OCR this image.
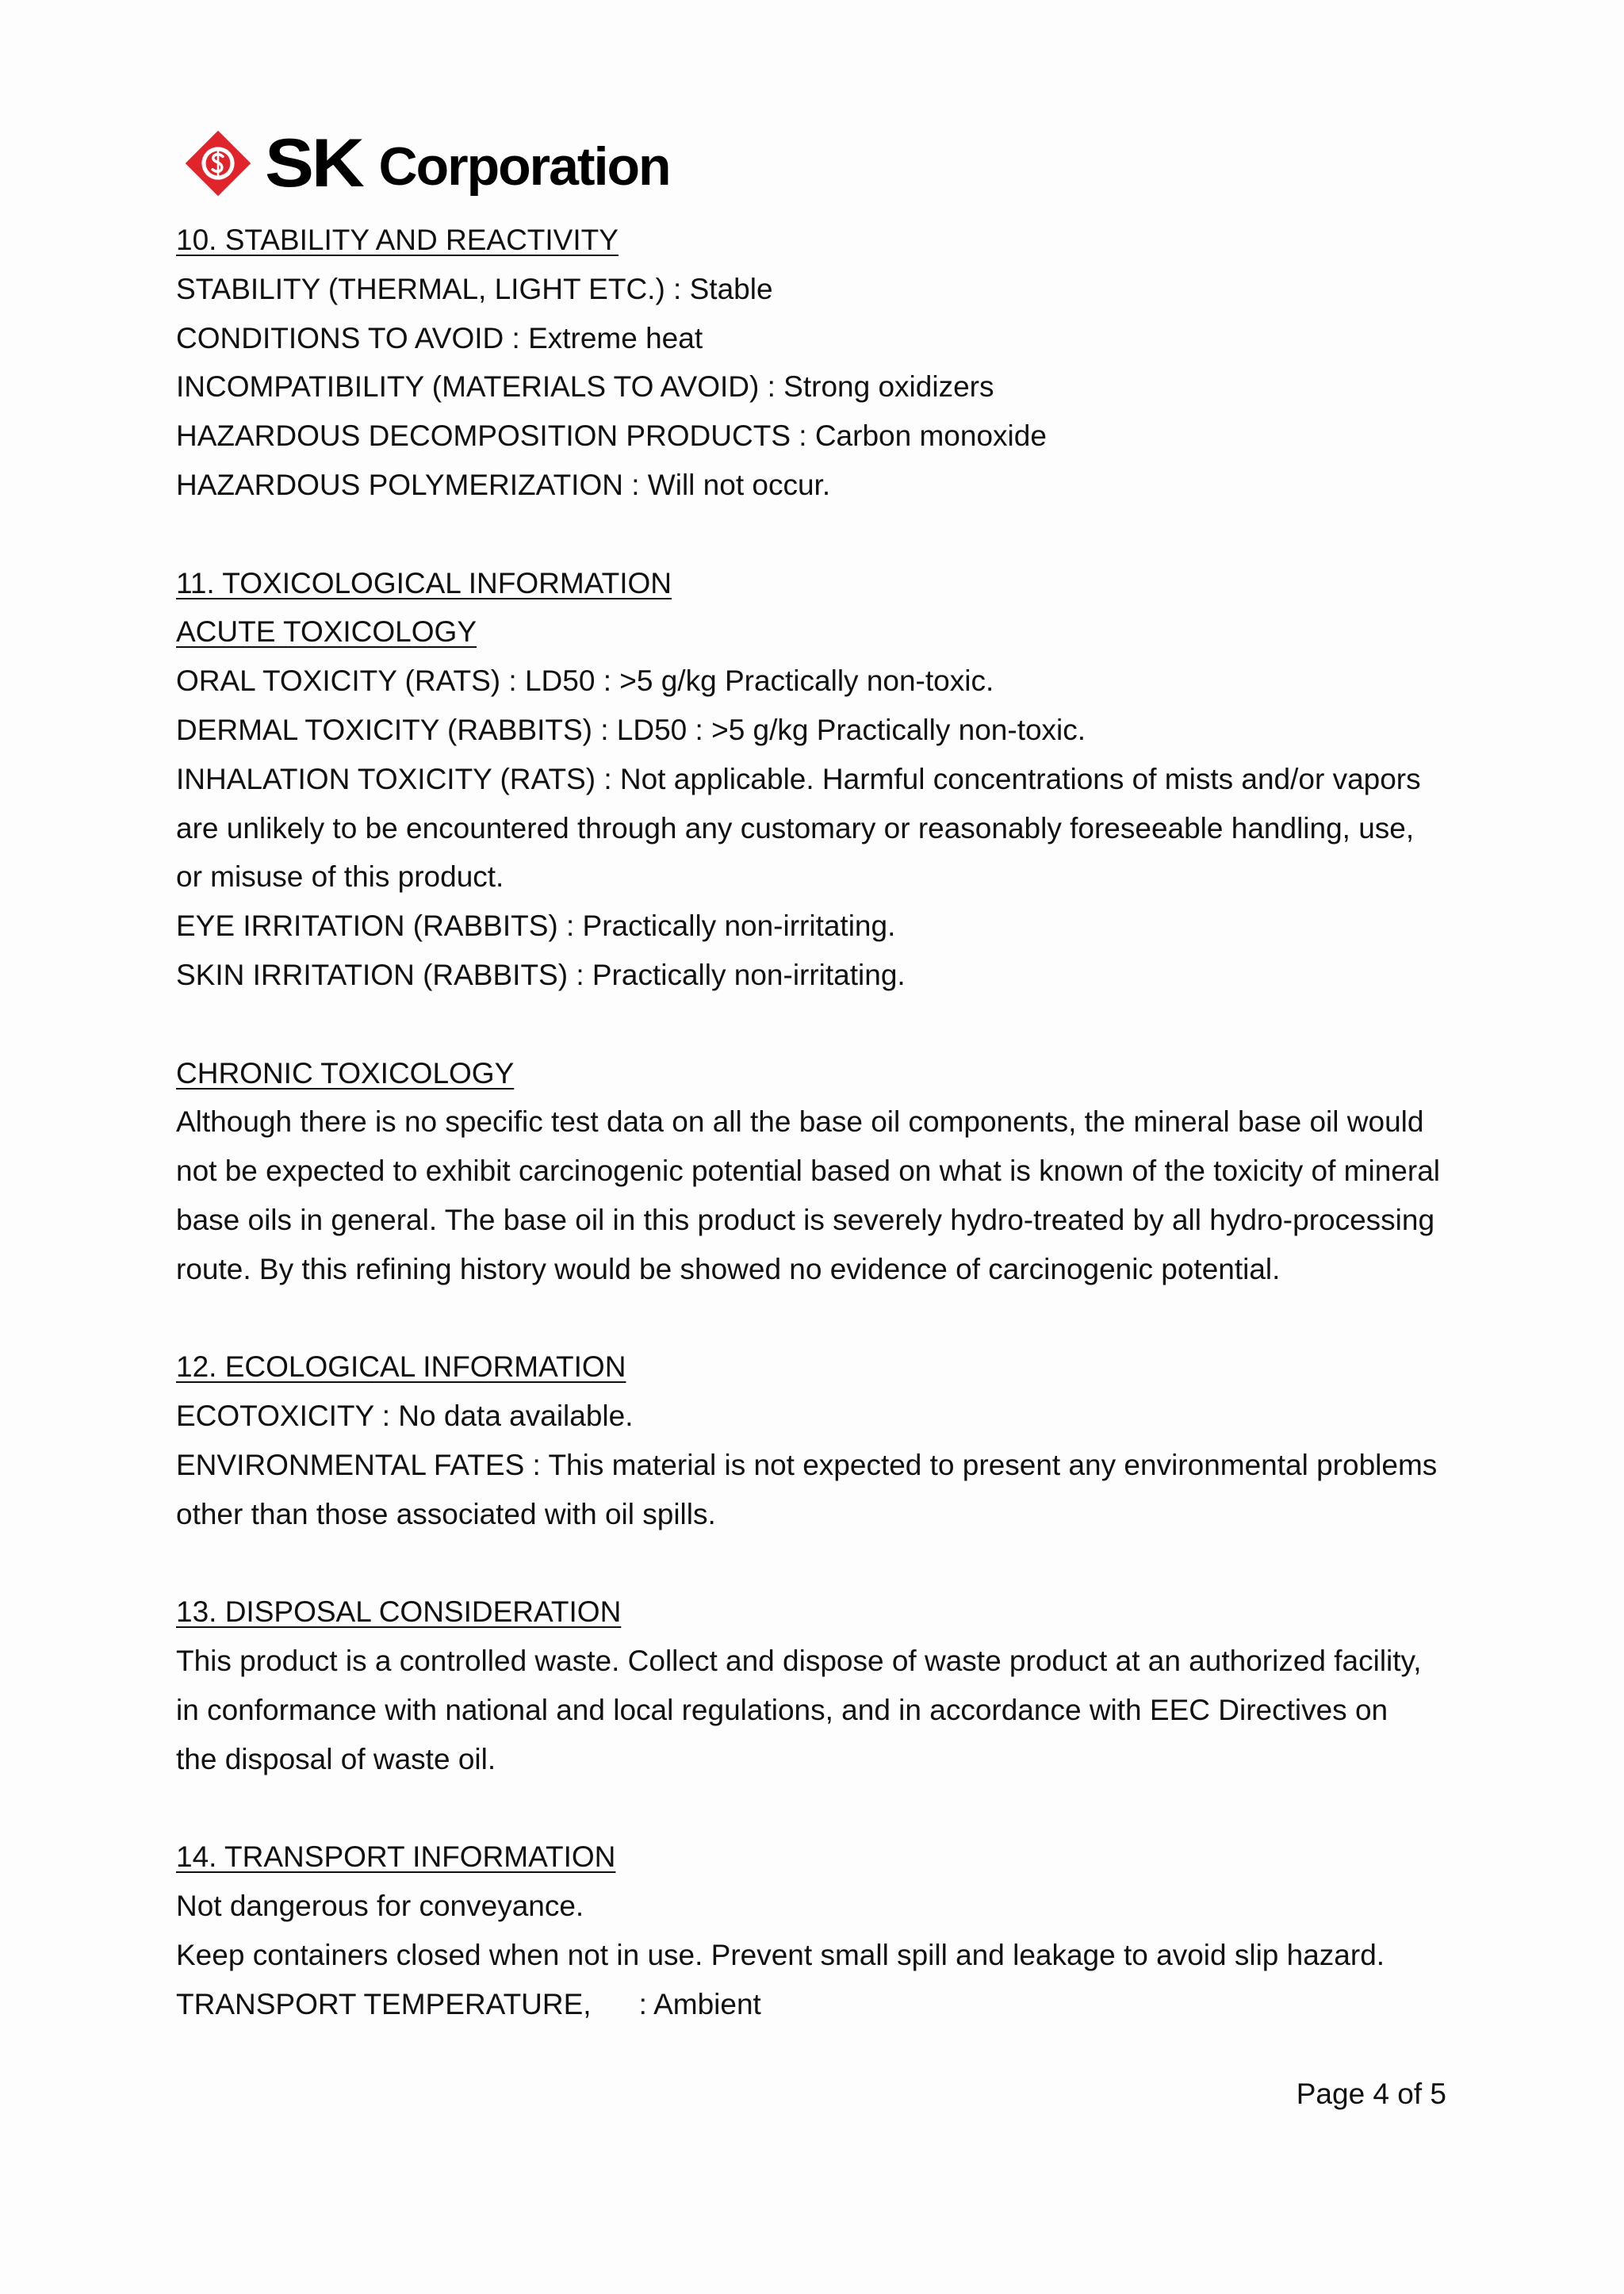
SK Corporation

10. STABILITY AND REACTIVITY

STABILITY (THERMAL, LIGHT ETC.) : Stable

CONDITIONS TO AVOID : Extreme heat

INCOMPATIBILITY (MATERIALS TO AVOID) : Strong oxidizers

HAZARDOUS DECOMPOSITION PRODUCTS : Carbon monoxide

HAZARDOUS POLYMERIZATION : Will not occur.

11. TOXICOLOGICAL INFORMATION

ACUTE TOXICOLOGY

ORAL TOXICITY (RATS) : LD50 : >5 g/kg Practically non-toxic.

DERMAL TOXICITY (RABBITS) : LD50 : >5 g/kg Practically non-toxic.

INHALATION TOXICITY (RATS) : Not applicable. Harmful concentrations of mists and/or vapors

are unlikely to be encountered through any customary or reasonably foreseeable handling, use,

or misuse of this product.

EYE IRRITATION (RABBITS) : Practically non-irritating.

SKIN IRRITATION (RABBITS) : Practically non-irritating.

CHRONIC TOXICOLOGY

Although there is no specific test data on all the base oil components, the mineral base oil would

not be expected to exhibit carcinogenic potential based on what is known of the toxicity of mineral

base oils in general. The base oil in this product is severely hydro-treated by all hydro-processing

route. By this refining history would be showed no evidence of carcinogenic potential.

12. ECOLOGICAL INFORMATION

ECOTOXICITY : No data available.

ENVIRONMENTAL FATES : This material is not expected to present any environmental problems

other than those associated with oil spills.

13. DISPOSAL CONSIDERATION

This product is a controlled waste. Collect and dispose of waste product at an authorized facility,

in conformance with national and local regulations, and in accordance with EEC Directives on

the disposal of waste oil.

14. TRANSPORT INFORMATION

Not dangerous for conveyance.

Keep containers closed when not in use. Prevent small spill and leakage to avoid slip hazard.

TRANSPORT TEMPERATURE, : Ambient

Page 4 of 5
